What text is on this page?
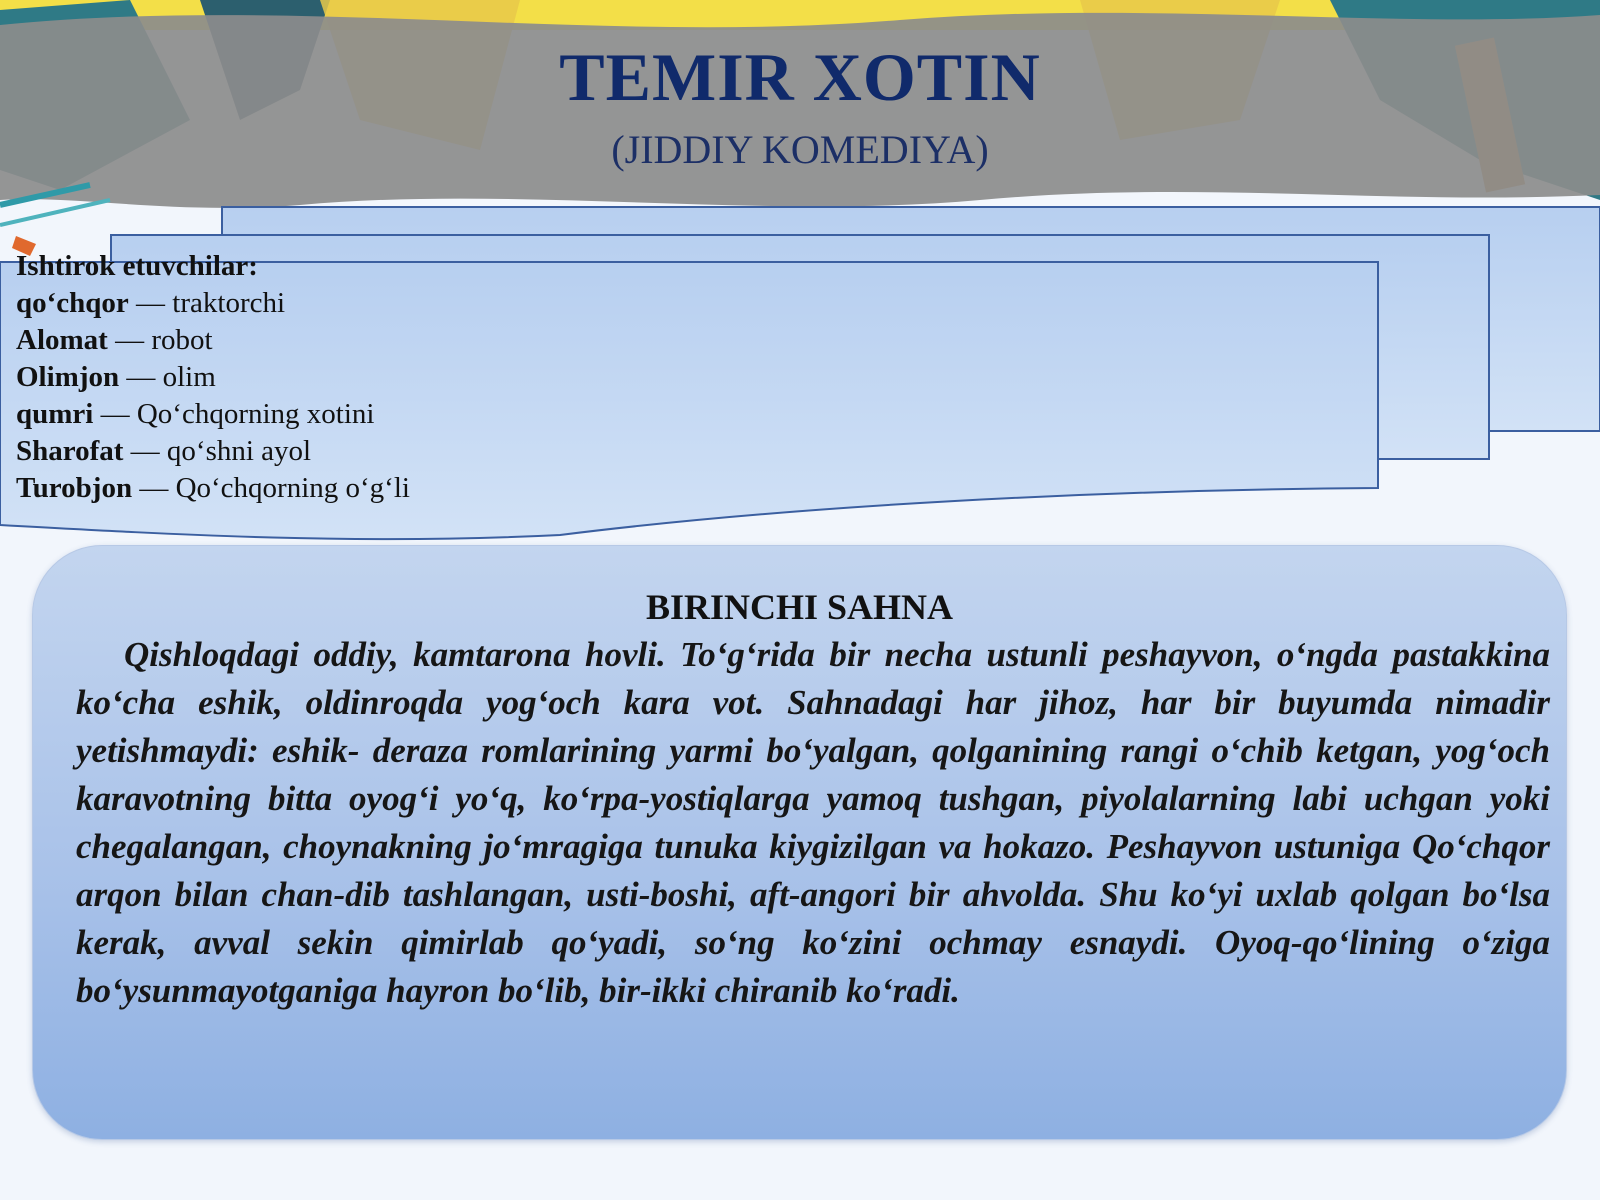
TEMIR XOTIN
(JIDDIY KOMEDIYA)
Ishtirok etuvchilar:
qo‘chqor — traktorchi
Alomat — robot
Olimjon — olim
qumri — Qo‘chqorning xotini
Sharofat — qo‘shni ayol
Turobjon — Qo‘chqorning o‘g‘li
BIRINCHI SAHNA

Qishloqdagi oddiy, kamtarona hovli. To‘g‘rida bir necha ustunli peshayvon, o‘ngda pastakkina ko‘cha eshik, oldinroqda yog‘och kara vot. Sahnadagi har jihoz, har bir buyumda nimadir yetishmaydi: eshik- deraza romlarining yarmi bo‘yalgan, qolganining rangi o‘chib ketgan, yog‘och karavotning bitta oyog‘i yo‘q, ko‘rpa-yostiqlarga yamoq tushgan, piyolalarning labi uchgan yoki chegalangan, choynakning jo‘mragiga tunuka kiygizilgan va hokazo. Peshayvon ustuniga Qo‘chqor arqon bilan chan-dib tashlangan, usti-boshi, aft-angori bir ahvolda. Shu ko‘yi uxlab qolgan bo‘lsa kerak, avval sekin qimirlab qo‘yadi, so‘ng ko‘zini ochmay esnaydi. Oyoq-qo‘lining o‘ziga bo‘ysunmayotganiga hayron bo‘lib, bir-ikki chiranib ko‘radi.
